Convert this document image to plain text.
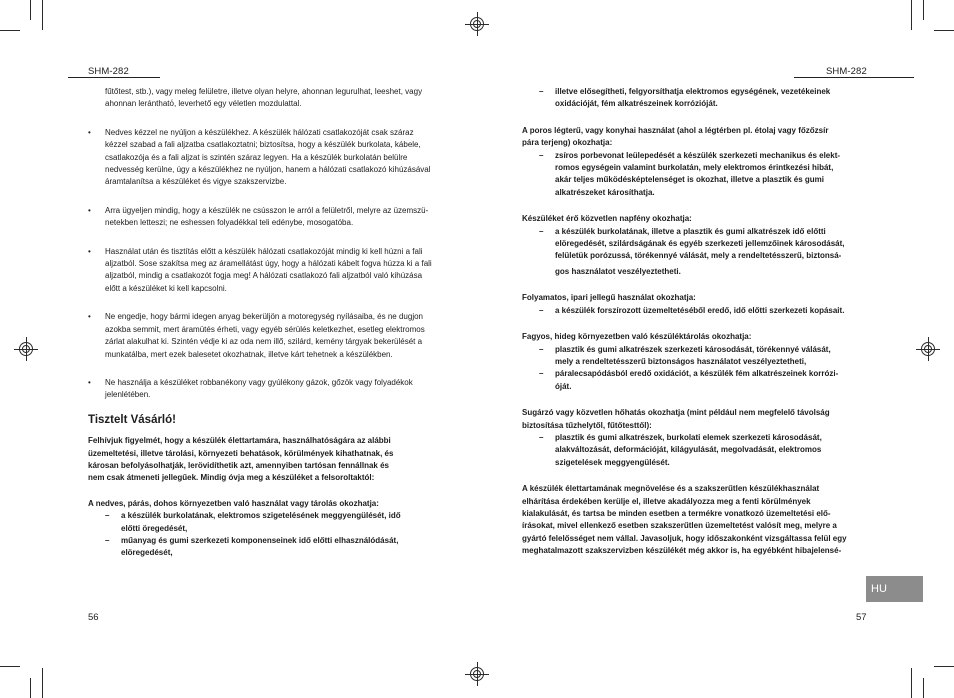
SHM-282

fűtőtest, stb.), vagy meleg felületre, illetve olyan helyre, ahonnan legurulhat, leeshet, vagy

ahonnan leránthatό, leverhető egy véletlen mozdulattal.

• Nedves kézzel ne nyúljon a készülékhez. A készülék hálózati csatlakozóját csak száraz

kézzel szabad a fali aljzatba csatlakoztatni; biztosítsa, hogy a készülék burkolata, kábele,

csatlakozója és a fali aljzat is szintén száraz legyen. Ha a készülék burkolatán belülre

nedvesség kerülne, úgy a készülékhez ne nyúljon, hanem a hálózati csatlakozó kihúzásával

áramtalanítsa a készüléket és vigye szakszervizbe.

• Arra ügyeljen mindig, hogy a készülék ne csússzon le arról a felületről, melyre az üzemszü-

netekben letteszi; ne eshessen folyadékkal teli edénybe, mosogatóba.

• Használat után és tisztítás előtt a készülék hálózati csatlakozóját mindig ki kell húzni a fali

aljzatból. Sose szakítsa meg az áramellátást úgy, hogy a hálózati kábelt fogva húzza ki a fali

aljzatból, mindig a csatlakozót fogja meg! A hálózati csatlakozó fali aljzatból való kihúzása

előtt a készüléket ki kell kapcsolni.

• Ne engedje, hogy bármi idegen anyag bekerüljön a motoregység nyílásaiba, és ne dugjon

azokba semmit, mert áramütés érheti, vagy egyéb sérülés keletkezhet, esetleg elektromos

zárlat alakulhat ki. Szintén védje ki az oda nem illő, szilárd, kemény tárgyak bekerülését a

munkatálba, mert ezek balesetet okozhatnak, illetve kárt tehetnek a készülékben.

• Ne használja a készüléket robbanékony vagy gyúlékony gázok, gőzök vagy folyadékok

jelenlétében.

Tisztelt Vásárló!

Felhívjuk figyelmét, hogy a készülék élettartamára, használhatóságára az alábbi

üzemeltetési, illetve tárolási, környezeti behatások, körülmények kihathatnak, és

károsan befolyásolhatják, lerövidíthetik azt, amennyiben tartósan fennállnak és

nem csak átmeneti jellegűek. Mindig óvja meg a készüléket a felsoroltaktól:

A nedves, párás, dohos környezetben való használat vagy tárolás okozhatja:

– a készülék burkolatának, elektromos szigetelésének meggyengülését, idő

előtti öregedését,

– műanyag és gumi szerkezeti komponenseinek idő előtti elhasználódását,

elöregedését,

56
SHM-282
– illetve elősegítheti, felgyorsíthatja elektromos egységének, vezetékeinek

oxidációját, fém alkatrészeinek korrózióját.

A poros légterű, vagy konyhai használat (ahol a légtérben pl. étolaj vagy főzőzsír

pára terjeng) okozhatja:

– zsíros porbevonat leülepedését a készülék szerkezeti mechanikus és elekt-

romos egységein valamint burkolatán, mely elektromos érintkezési hibát,

akár teljes működésképtelenséget is okozhat, illetve a plasztik és gumi

alkatrészeket károsíthatja.

Készüléket érő közvetlen napfény okozhatja:

– a készülék burkolatának, illetve a plasztik és gumi alkatrészek idő előtti

elöregedését, szilárdságának és egyéb szerkezeti jellemzőinek károsodását,

felületük porózussá, törékennyé válását, mely a rendeltetésszerű, biztonsá-

gos használatot veszélyeztetheti.

Folyamatos, ipari jellegű használat okozhatja:

– a készülék forszírozott üzemeltetéséből eredő, idő előtti szerkezeti kopásait.

Fagyos, hideg környezetben való készüléktárolás okozhatja:

– plasztik és gumi alkatrészek szerkezeti károsodását, törékennyé válását,

mely a rendeltetésszerű biztonságos használatot veszélyeztetheti,

– páralecsapódásból eredő oxidációt, a készülék fém alkatrészeinek korrózi-

óját.

Sugárzó vagy közvetlen hőhatás okozhatja (mint például nem megfelelő távolság

biztosítása tűzhelytől, fűtőtesttől):

– plasztik és gumi alkatrészek, burkolati elemek szerkezeti károsodását,

alakváltozását, deformációját, kilágyulását, megolvadását, elektromos

szigetelések meggyengülését.

A készülék élettartamának megnövelése és a szakszerűtlen készülékhasználat

elhárítása érdekében kerülje el, illetve akadályozza meg a fenti körülmények

kialakulását, és tartsa be minden esetben a termékre vonatkozó üzemeltetési elő-

írásokat, mivel ellenkező esetben szakszerűtlen üzemeltetést valósít meg, melyre a

gyártó felelősséget nem vállal. Javasoljuk, hogy időszakonként vizsgáltassa felül egy

meghatalmazott szakszervizben készülékét még akkor is, ha egyébként hibajelensé-

57
HU
